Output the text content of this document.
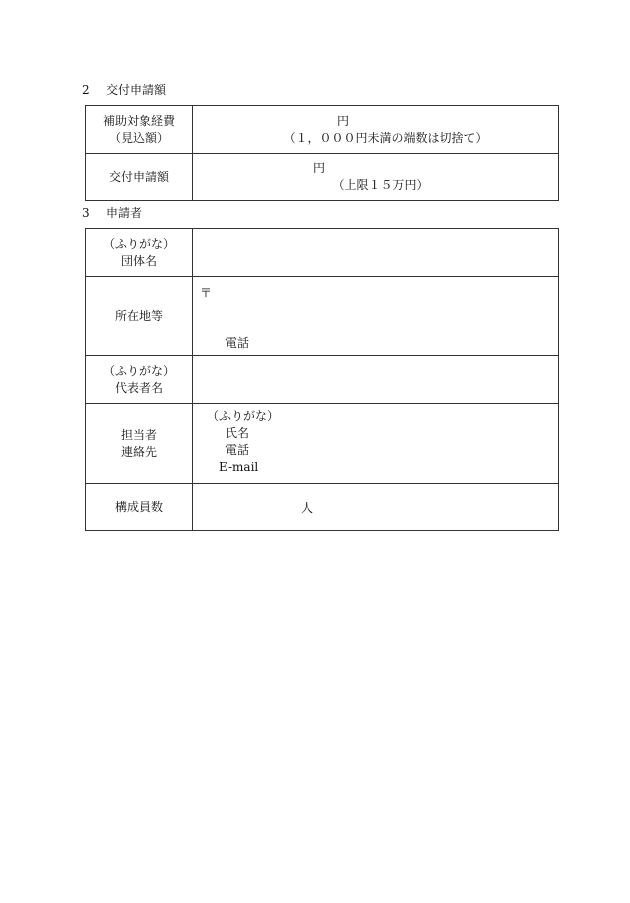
2 交付申請額
補助対象経費
（見込額）	円
（１，０００円未満の端数は切捨て）

交付申請額	円
（上限１５万円）
3 申請者
（ふりがな）
団体名	

所在地等	〒
電話

（ふりがな）
代表者名	

担当者
連絡先	（ふりがな）
氏名
電話
E-mail

構成員数	人
